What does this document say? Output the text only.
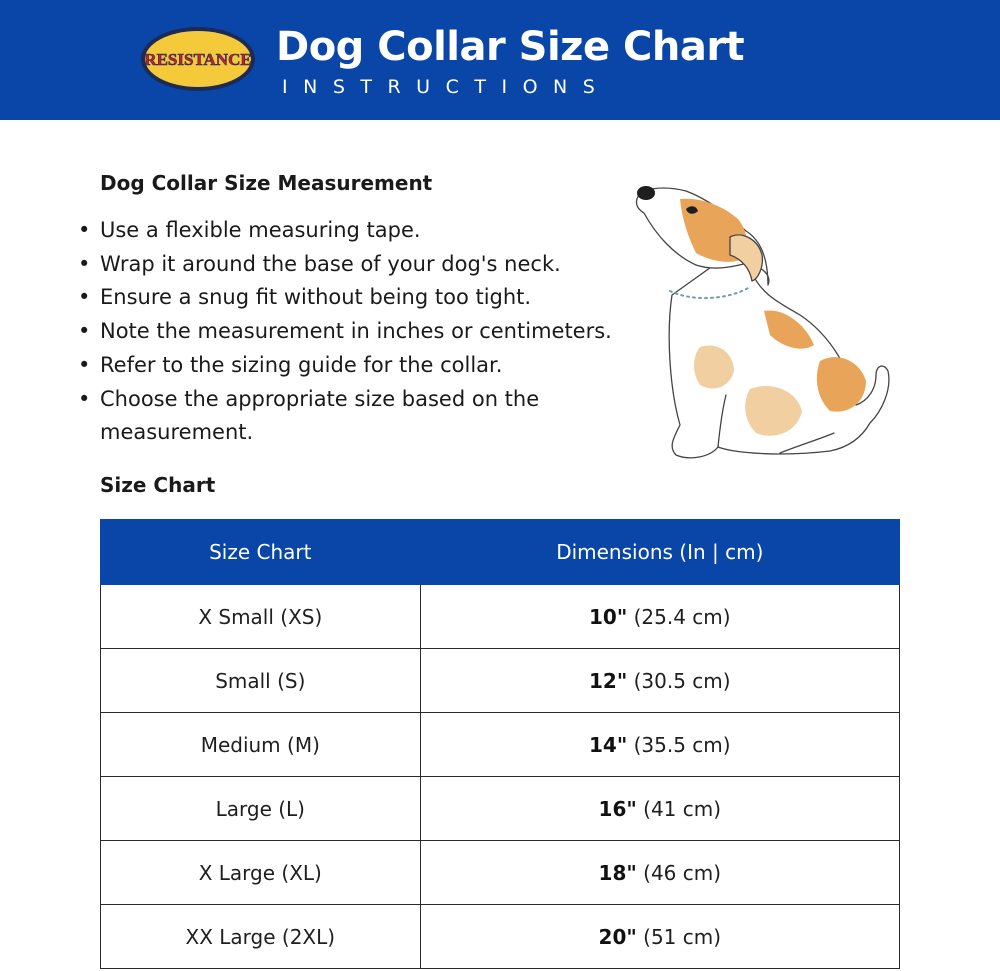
RESISTANCE Dog Collar Size Chart
INSTRUCTIONS
Dog Collar Size Measurement
• Use a flexible measuring tape.
• Wrap it around the base of your dog's neck.
• Ensure a snug fit without being too tight.
• Note the measurement in inches or centimeters.
• Refer to the sizing guide for the collar.
• Choose the appropriate size based on the measurement.
Size Chart
Size Chart	Dimensions (In | cm)
X Small (XS)	10" (25.4 cm)
Small (S)	12" (30.5 cm)
Medium (M)	14" (35.5 cm)
Large (L)	16" (41 cm)
X Large (XL)	18" (46 cm)
XX Large (2XL)	20" (51 cm)
